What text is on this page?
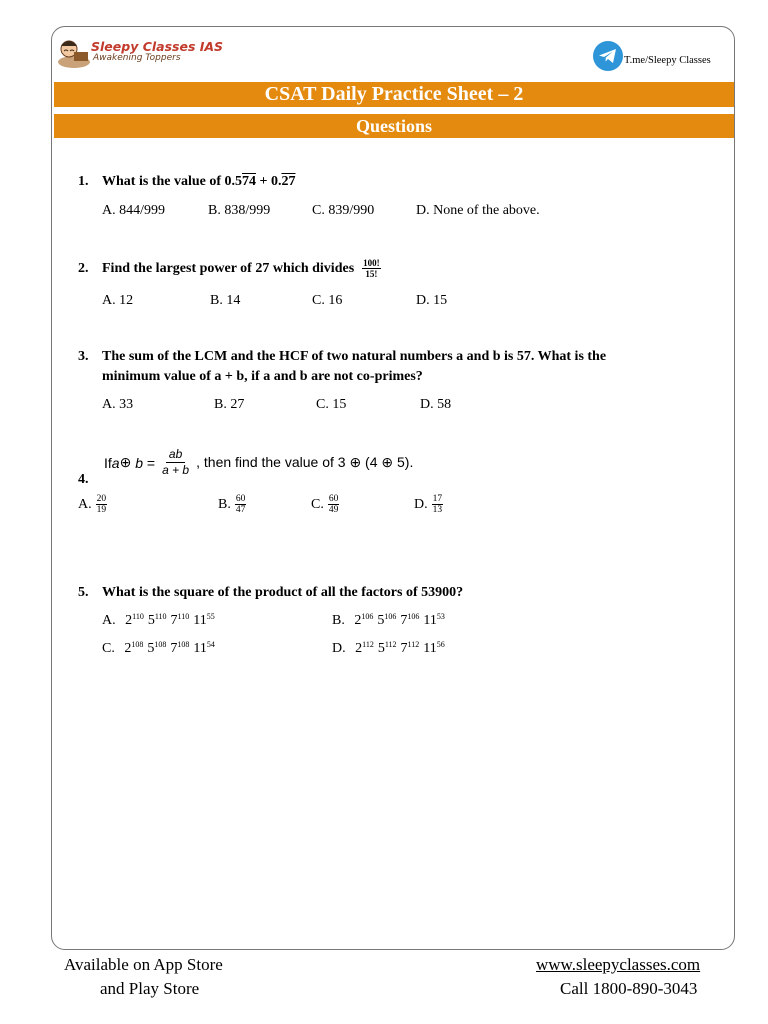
Sleepy Classes IAS
Awakening Toppers	T.me/Sleepy Classes
CSAT Daily Practice Sheet – 2
Questions
1. What is the value of 0.574 + 0.27
A. 844/999	B. 838/999	C. 839/990	D. None of the above.
2. Find the largest power of 27 which divides $\frac{100!}{15!}$
A. 12	B. 14	C. 16	D. 15
3. The sum of the LCM and the HCF of two natural numbers a and b is 57. What is the
minimum value of a + b, if a and b are not co-primes?
A. 33	B. 27	C. 15	D. 58
If a ⊕ $b = \frac{ab}{a + b}$ , then find the value of 3 ⊕ (4 ⊕ 5).
4.
A. $\frac{20}{19}$	B. $\frac{60}{47}$	C. $\frac{60}{49}$	D. $\frac{17}{13}$
5. What is the square of the product of all the factors of 53900?
A. $2^{110}$ $5^{110}$ $7^{110}$ $11^{55}$	B. $2^{106}$ $5^{106}$ $7^{106}$ $11^{53}$
C. $2^{108}$ $5^{108}$ $7^{108}$ $11^{54}$	D. $2^{112}$ $5^{112}$ $7^{112}$ $11^{56}$
Available on App Store
and Play Store
www.sleepyclasses.com
Call 1800-890-3043
